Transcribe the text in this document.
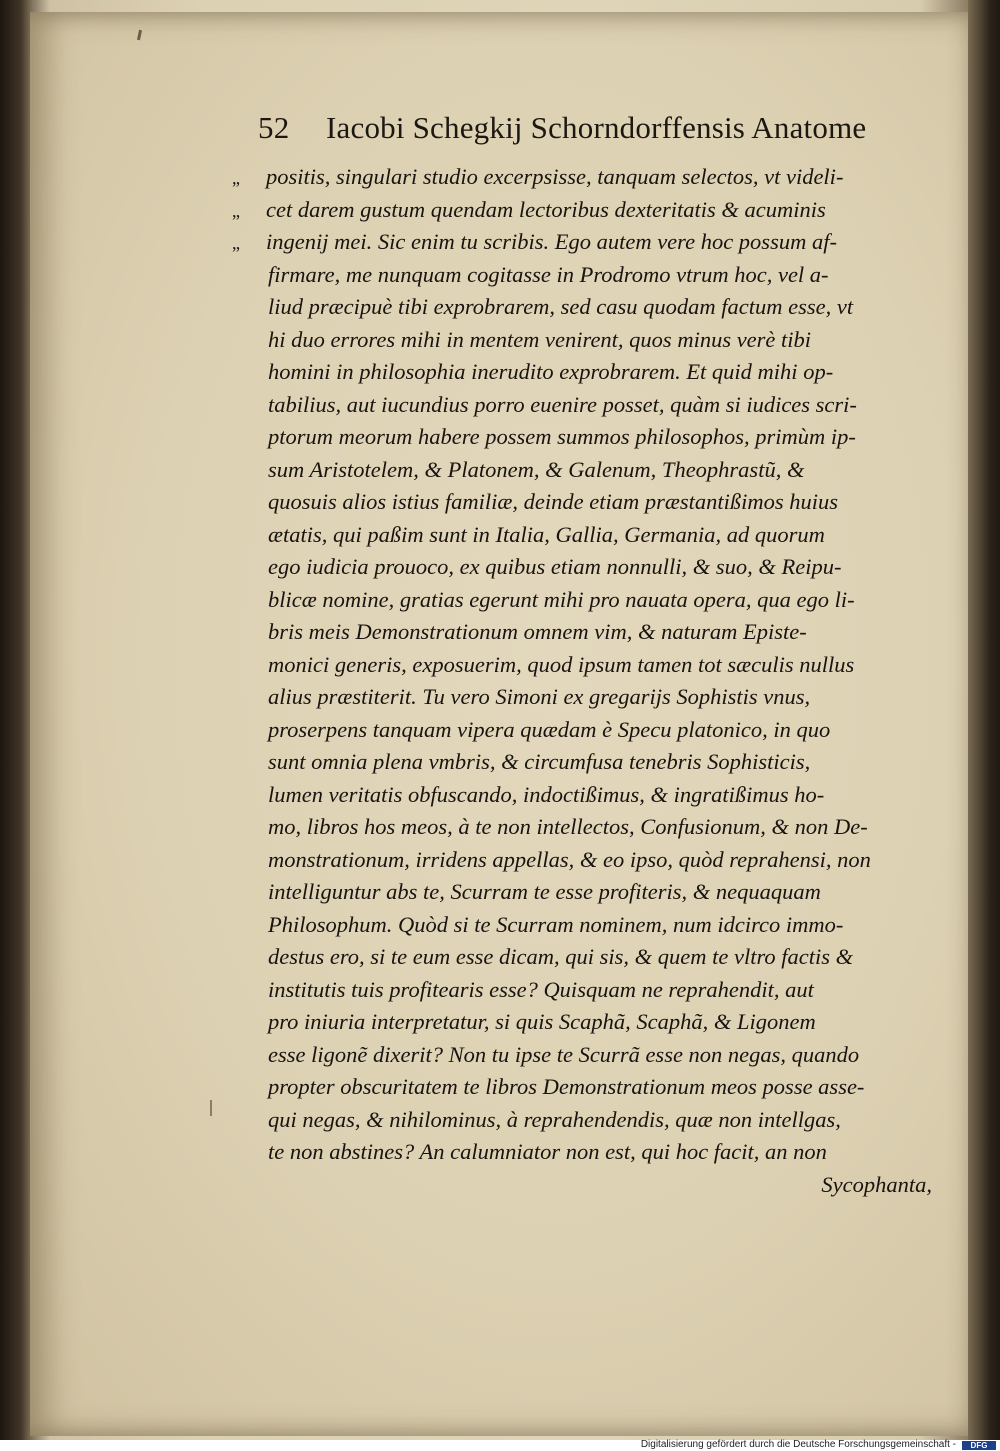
52 Iacobi Schegkij Schorndorffensis Anatome
„ positis, singulari studio excerpsisse, tanquam selectos, vt videli-
„ cet darem gustum quendam lectoribus dexteritatis & acuminis
„ ingenij mei. Sic enim tu scribis. Ego autem vere hoc possum af-
firmare, me nunquam cogitasse in Prodromo vtrum hoc, vel a-
liud præcipuè tibi exprobrarem, sed casu quodam factum esse, vt
hi duo errores mihi in mentem venirent, quos minus verè tibi
homini in philosophia inerudito exprobrarem. Et quid mihi op-
tabilius, aut iucundius porro euenire posset, quàm si iudices scri-
ptorum meorum habere possem summos philosophos, primùm ip-
sum Aristotelem, & Platonem, & Galenum, Theophrastũ, &
quosuis alios istius familiæ, deinde etiam præstantißimos huius
ætatis, qui paßim sunt in Italia, Gallia, Germania, ad quorum
ego iudicia prouoco, ex quibus etiam nonnulli, & suo, & Reipu-
blicæ nomine, gratias egerunt mihi pro nauata opera, qua ego li-
bris meis Demonstrationum omnem vim, & naturam Episte-
monici generis, exposuerim, quod ipsum tamen tot sæculis nullus
alius præstiterit. Tu vero Simoni ex gregarijs Sophistis vnus,
proserpens tanquam vipera quædam è Specu platonico, in quo
sunt omnia plena vmbris, & circumfusa tenebris Sophisticis,
lumen veritatis obfuscando, indoctißimus, & ingratißimus ho-
mo, libros hos meos, à te non intellectos, Confusionum, & non De-
monstrationum, irridens appellas, & eo ipso, quòd reprahensi, non
intelliguntur abs te, Scurram te esse profiteris, & nequaquam
Philosophum. Quòd si te Scurram nominem, num idcirco immo-
destus ero, si te eum esse dicam, qui sis, & quem te vltro factis &
institutis tuis profitearis esse? Quisquam ne reprahendit, aut
pro iniuria interpretatur, si quis Scaphã, Scaphã, & Ligonem
esse ligonẽ dixerit? Non tu ipse te Scurrã esse non negas, quando
propter obscuritatem te libros Demonstrationum meos posse asse-
qui negas, & nihilominus, à reprahendendis, quæ non intellgas,
te non abstines? An calumniator non est, qui hoc facit, an non
Sycophanta,
Digitalisierung gefördert durch die Deutsche Forschungsgemeinschaft -	DFG
